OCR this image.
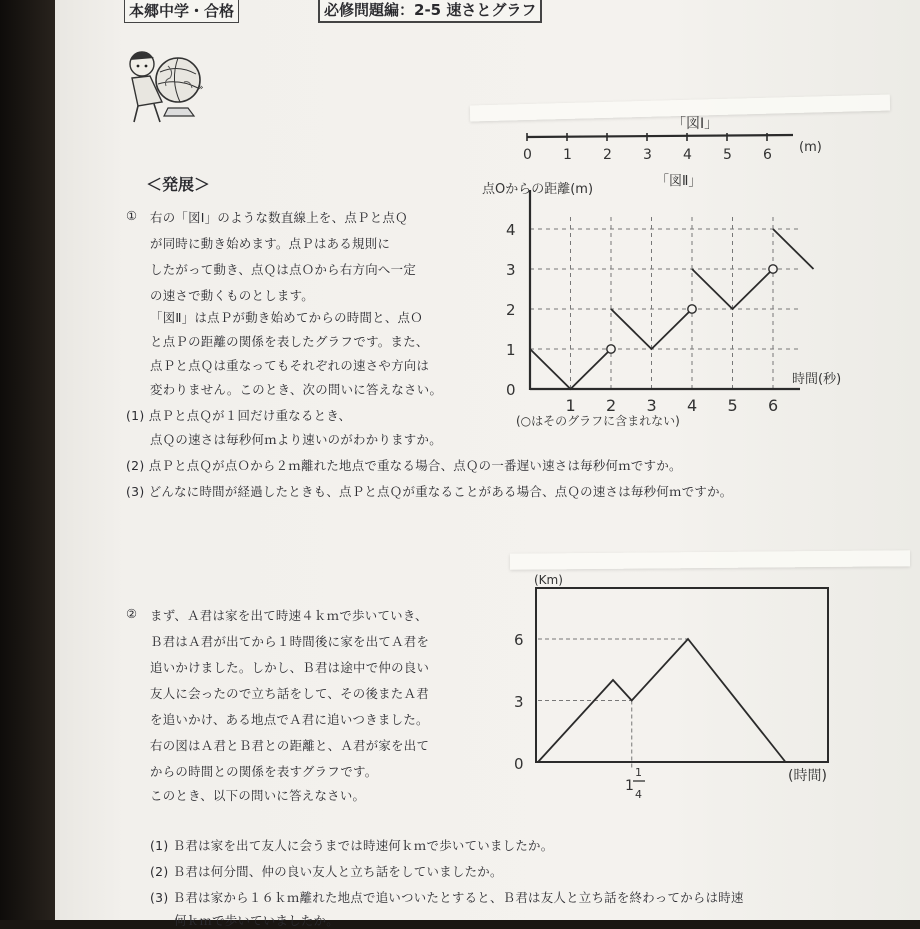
本郷中学・合格	必修問題編：2-5 速さとグラフ
»
＜発展＞
① 右の「図Ⅰ」のような数直線上を、点Ｐと点Ｑ
が同時に動き始めます。点Ｐはある規則に
したがって動き、点Ｑは点Ｏから右方向へ一定
の速さで動くものとします。
「図Ⅱ」は点Ｐが動き始めてからの時間と、点Ｏ
と点Ｐの距離の関係を表したグラフです。また、
点Ｐと点Ｑは重なってもそれぞれの速さや方向は
変わりません。このとき、次の問いに答えなさい。
(1) 点Ｐと点Ｑが１回だけ重なるとき、
点Ｑの速さは毎秒何ｍより速いのがわかりますか。
(2) 点Ｐと点Ｑが点Ｏから２ｍ離れた地点で重なる場合、点Ｑの一番遅い速さは毎秒何ｍですか。
(3) どんなに時間が経過したときも、点Ｐと点Ｑが重なることがある場合、点Ｑの速さは毎秒何ｍですか。
「図Ⅰ」
0 1 2 3 4 5 6 (m)
「図Ⅱ」
点Oからの距離(m)
時間(秒)
(○はそのグラフに含まれない)
0
1
2
3
4
1 2 3 4 5 6
② まず、Ａ君は家を出て時速４ｋｍで歩いていき、
Ｂ君はＡ君が出てから１時間後に家を出てＡ君を
追いかけました。しかし、Ｂ君は途中で仲の良い
友人に会ったので立ち話をして、その後またＡ君
を追いかけ、ある地点でＡ君に追いつきました。
右の図はＡ君とＢ君との距離と、Ａ君が家を出て
からの時間との関係を表すグラフです。
このとき、以下の問いに答えなさい。
(1) Ｂ君は家を出て友人に会うまでは時速何ｋｍで歩いていましたか。
(2) Ｂ君は何分間、仲の良い友人と立ち話をしていましたか。
(3) Ｂ君は家から１６ｋｍ離れた地点で追いついたとすると、Ｂ君は友人と立ち話を終わってからは時速
何ｋｍで歩いていましたか。
(Km)
6
3
0
(時間)
1
1
4
